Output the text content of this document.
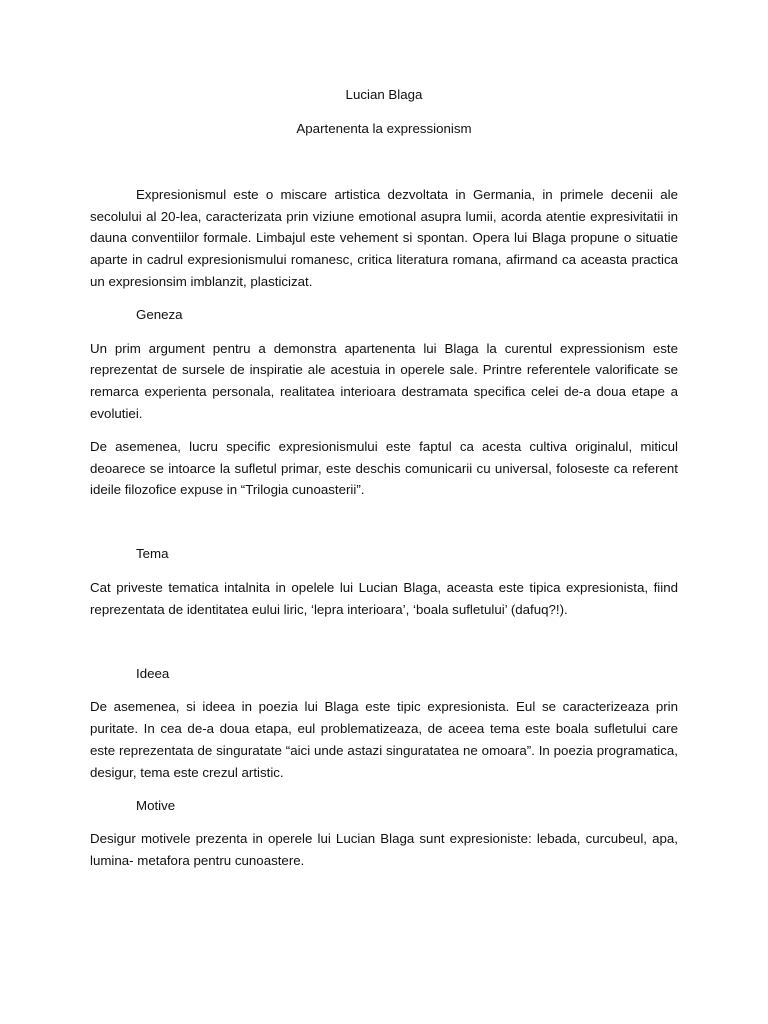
Lucian Blaga

Apartenenta la expressionism

Expresionismul este o miscare artistica dezvoltata in Germania, in primele decenii ale secolului al 20-lea, caracterizata prin viziune emotional asupra lumii, acorda atentie expresivitatii in dauna conventiilor formale. Limbajul este vehement si spontan. Opera lui Blaga propune o situatie aparte in cadrul expresionismului romanesc, critica literatura romana, afirmand ca aceasta practica un expresionsim imblanzit, plasticizat.

Geneza

Un prim argument pentru a demonstra apartenenta lui Blaga la curentul expressionism este reprezentat de sursele de inspiratie ale acestuia in operele sale. Printre referentele valorificate se remarca experienta personala, realitatea interioara destramata specifica celei de-a doua etape a evolutiei.

De asemenea, lucru specific expresionismului este faptul ca acesta cultiva originalul, miticul deoarece se intoarce la sufletul primar, este deschis comunicarii cu universal, foloseste ca referent ideile filozofice expuse in “Trilogia cunoasterii”.

Tema

Cat priveste tematica intalnita in opelele lui Lucian Blaga, aceasta este tipica expresionista, fiind reprezentata de identitatea eului liric, ‘lepra interioara’, ‘boala sufletului’ (dafuq?!).

Ideea

De asemenea, si ideea in poezia lui Blaga este tipic expresionista. Eul se caracterizeaza prin puritate. In cea de-a doua etapa, eul problematizeaza, de aceea tema este boala sufletului care este reprezentata de singuratate “aici unde astazi singuratatea ne omoara”. In poezia programatica, desigur, tema este crezul artistic.

Motive

Desigur motivele prezenta in operele lui Lucian Blaga sunt expresioniste: lebada, curcubeul, apa, lumina- metafora pentru cunoastere.
